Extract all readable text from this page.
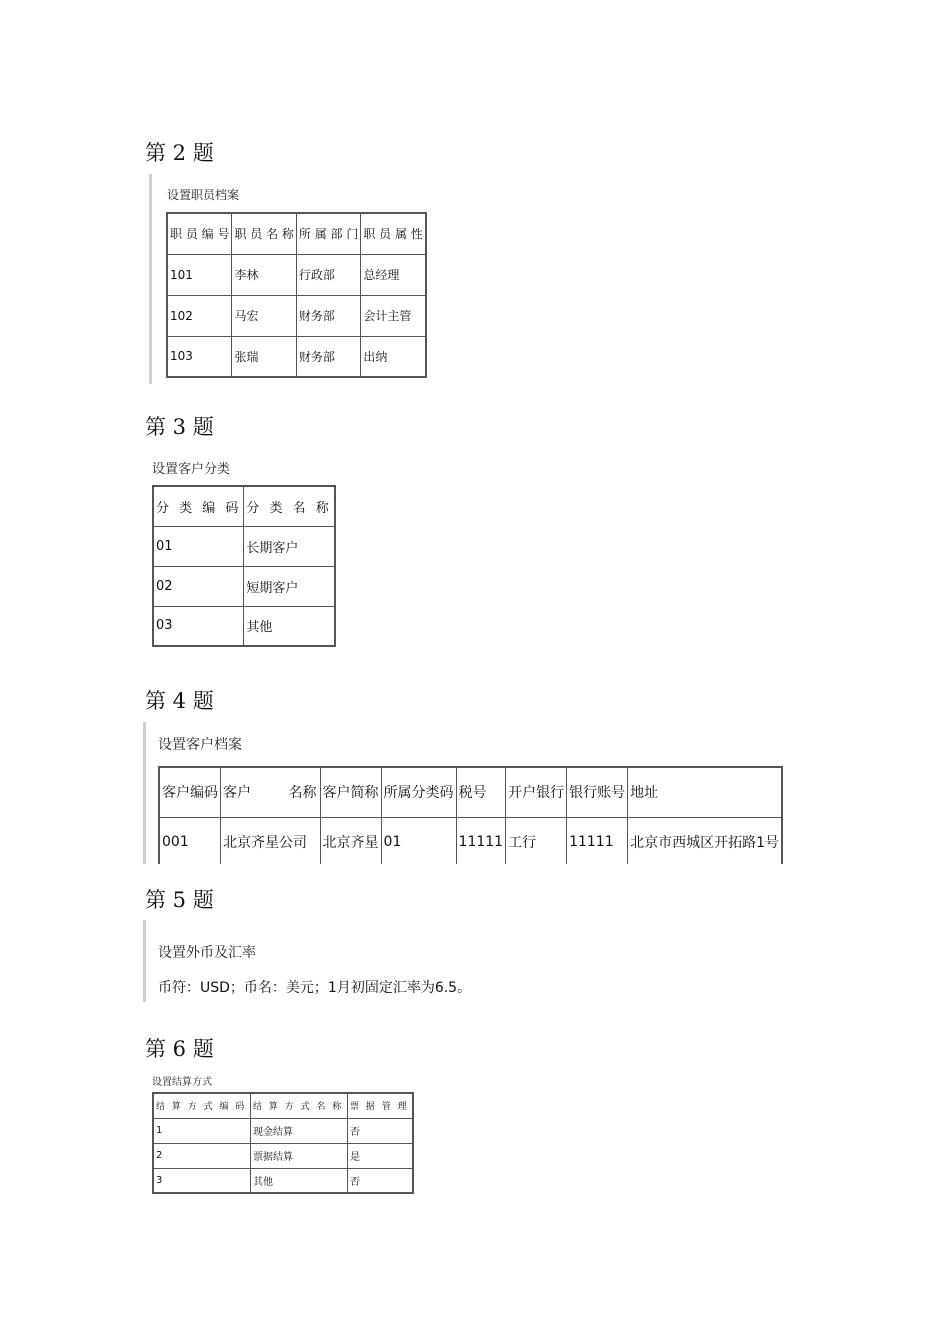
第 2 题
设置职员档案
职 员 编 号	职 员 名 称	所 属 部 门	职 员 属 性
101	李林	行政部	总经理
102	马宏	财务部	会计主管
103	张瑞	财务部	出纳
第 3 题
设置客户分类
分 类 编 码	分 类 名 称
01	长期客户
02	短期客户
03	其他
第 4 题
设置客户档案
客户编码	客户 名称	客户简称	所属分类码	税号	开户银行	银行账号	地址
001	北京齐星公司	北京齐星	01	11111	工行	11111	北京市西城区开拓路1号
第 5 题
设置外币及汇率
币符：USD；币名：美元；1月初固定汇率为6.5。
第 6 题
设置结算方式
结 算 方 式 编 码	结 算 方 式 名 称	票 据 管 理
1	现金结算	否
2	票据结算	是
3	其他	否
